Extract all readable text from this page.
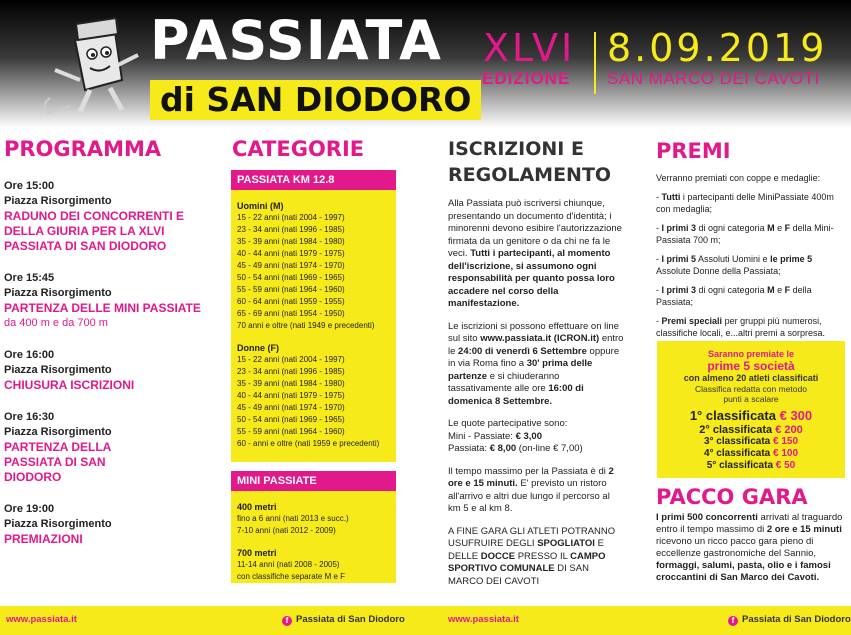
PASSIATA
di SAN DIODORO
XLVI
EDIZIONE
8.09.2019
SAN MARCO DEI CAVOTI
PROGRAMMA
Ore 15:00
Piazza Risorgimento
RADUNO DEI CONCORRENTI E DELLA GIURIA PER LA XLVI PASSIATA DI SAN DIODORO
Ore 15:45
Piazza Risorgimento
PARTENZA DELLE MINI PASSIATE
da 400 m e da 700 m
Ore 16:00
Piazza Risorgimento
CHIUSURA ISCRIZIONI
Ore 16:30
Piazza Risorgimento
PARTENZA DELLA PASSIATA DI SAN DIODORO
Ore 19:00
Piazza Risorgimento
PREMIAZIONI
CATEGORIE
PASSIATA KM 12.8
Uomini (M)
15 - 22 anni (nati 2004 - 1997)
23 - 34 anni (nati 1996 - 1985)
35 - 39 anni (nati 1984 - 1980)
40 - 44 anni (nati 1979 - 1975)
45 - 49 anni (nati 1974 - 1970)
50 - 54 anni (nati 1969 - 1965)
55 - 59 anni (nati 1964 - 1960)
60 - 64 anni (nati 1959 - 1955)
65 - 69 anni (nati 1954 - 1950)
70 anni e oltre (nati 1949 e precedenti)
Donne (F)
15 - 22 anni (nati 2004 - 1997)
23 - 34 anni (nati 1996 - 1985)
35 - 39 anni (nati 1984 - 1980)
40 - 44 anni (nati 1979 - 1975)
45 - 49 anni (nati 1974 - 1970)
50 - 54 anni (nati 1969 - 1965)
55 - 59 anni (nati 1964 - 1960)
60 - anni e oltre (nati 1959 e precedenti)
MINI PASSIATE
400 metri
fino a 6 anni (nati 2013 e succ.)
7-10 anni (nati 2012 - 2009)
700 metri
11-14 anni (nati 2008 - 2005)
con classifiche separate M e F
ISCRIZIONI E
REGOLAMENTO
Alla Passiata può iscriversi chiunque, presentando un documento d'identità; i minorenni devono esibire l'autorizzazione firmata da un genitore o da chi ne fa le veci. Tutti i partecipanti, al momento dell'iscrizione, si assumono ogni responsabilità per quanto possa loro accadere nel corso della manifestazione.
Le iscrizioni si possono effettuare on line sul sito www.passiata.it (ICRON.it) entro le 24:00 di venerdì 6 Settembre oppure in via Roma fino a 30' prima delle partenze e si chiuderanno tassativamente alle ore 16:00 di domenica 8 Settembre.
Le quote partecipative sono:
Mini - Passiate: € 3,00
Passiata: € 8,00 (on-line € 7,00)
Il tempo massimo per la Passiata è di 2 ore e 15 minuti. E' previsto un ristoro all'arrivo e altri due lungo il percorso al km 5 e al km 8.
A FINE GARA GLI ATLETI POTRANNO USUFRUIRE DEGLI SPOGLIATOI E DELLE DOCCE PRESSO IL CAMPO SPORTIVO COMUNALE DI SAN MARCO DEI CAVOTI
PREMI
Verranno premiati con coppe e medaglie:
- Tutti i partecipanti delle MiniPassiate 400m con medaglia;
- I primi 3 di ogni categoria M e F della Mini-Passiata 700 m;
- I primi 5 Assoluti Uomini e le prime 5 Assolute Donne della Passiata;
- I primi 3 di ogni categoria M e F della Passiata;
- Premi speciali per gruppi più numerosi, classifiche locali, e...altri premi a sorpresa.
Saranno premiate le
prime 5 società
con almeno 20 atleti classificati
Classifica redatta con metodo
punti a scalare
1° classificata € 300
2° classificata € 200
3° classificata € 150
4° classificata € 100
5° classificata € 50
PACCO GARA
I primi 500 concorrenti arrivati al traguardo entro il tempo massimo di 2 ore e 15 minuti ricevono un ricco pacco gara pieno di eccellenze gastronomiche del Sannio, formaggi, salumi, pasta, olio e i famosi croccantini di San Marco dei Cavoti.
www.passiata.it	f Passiata di San Diodoro	www.passiata.it	f Passiata di San Diodoro
